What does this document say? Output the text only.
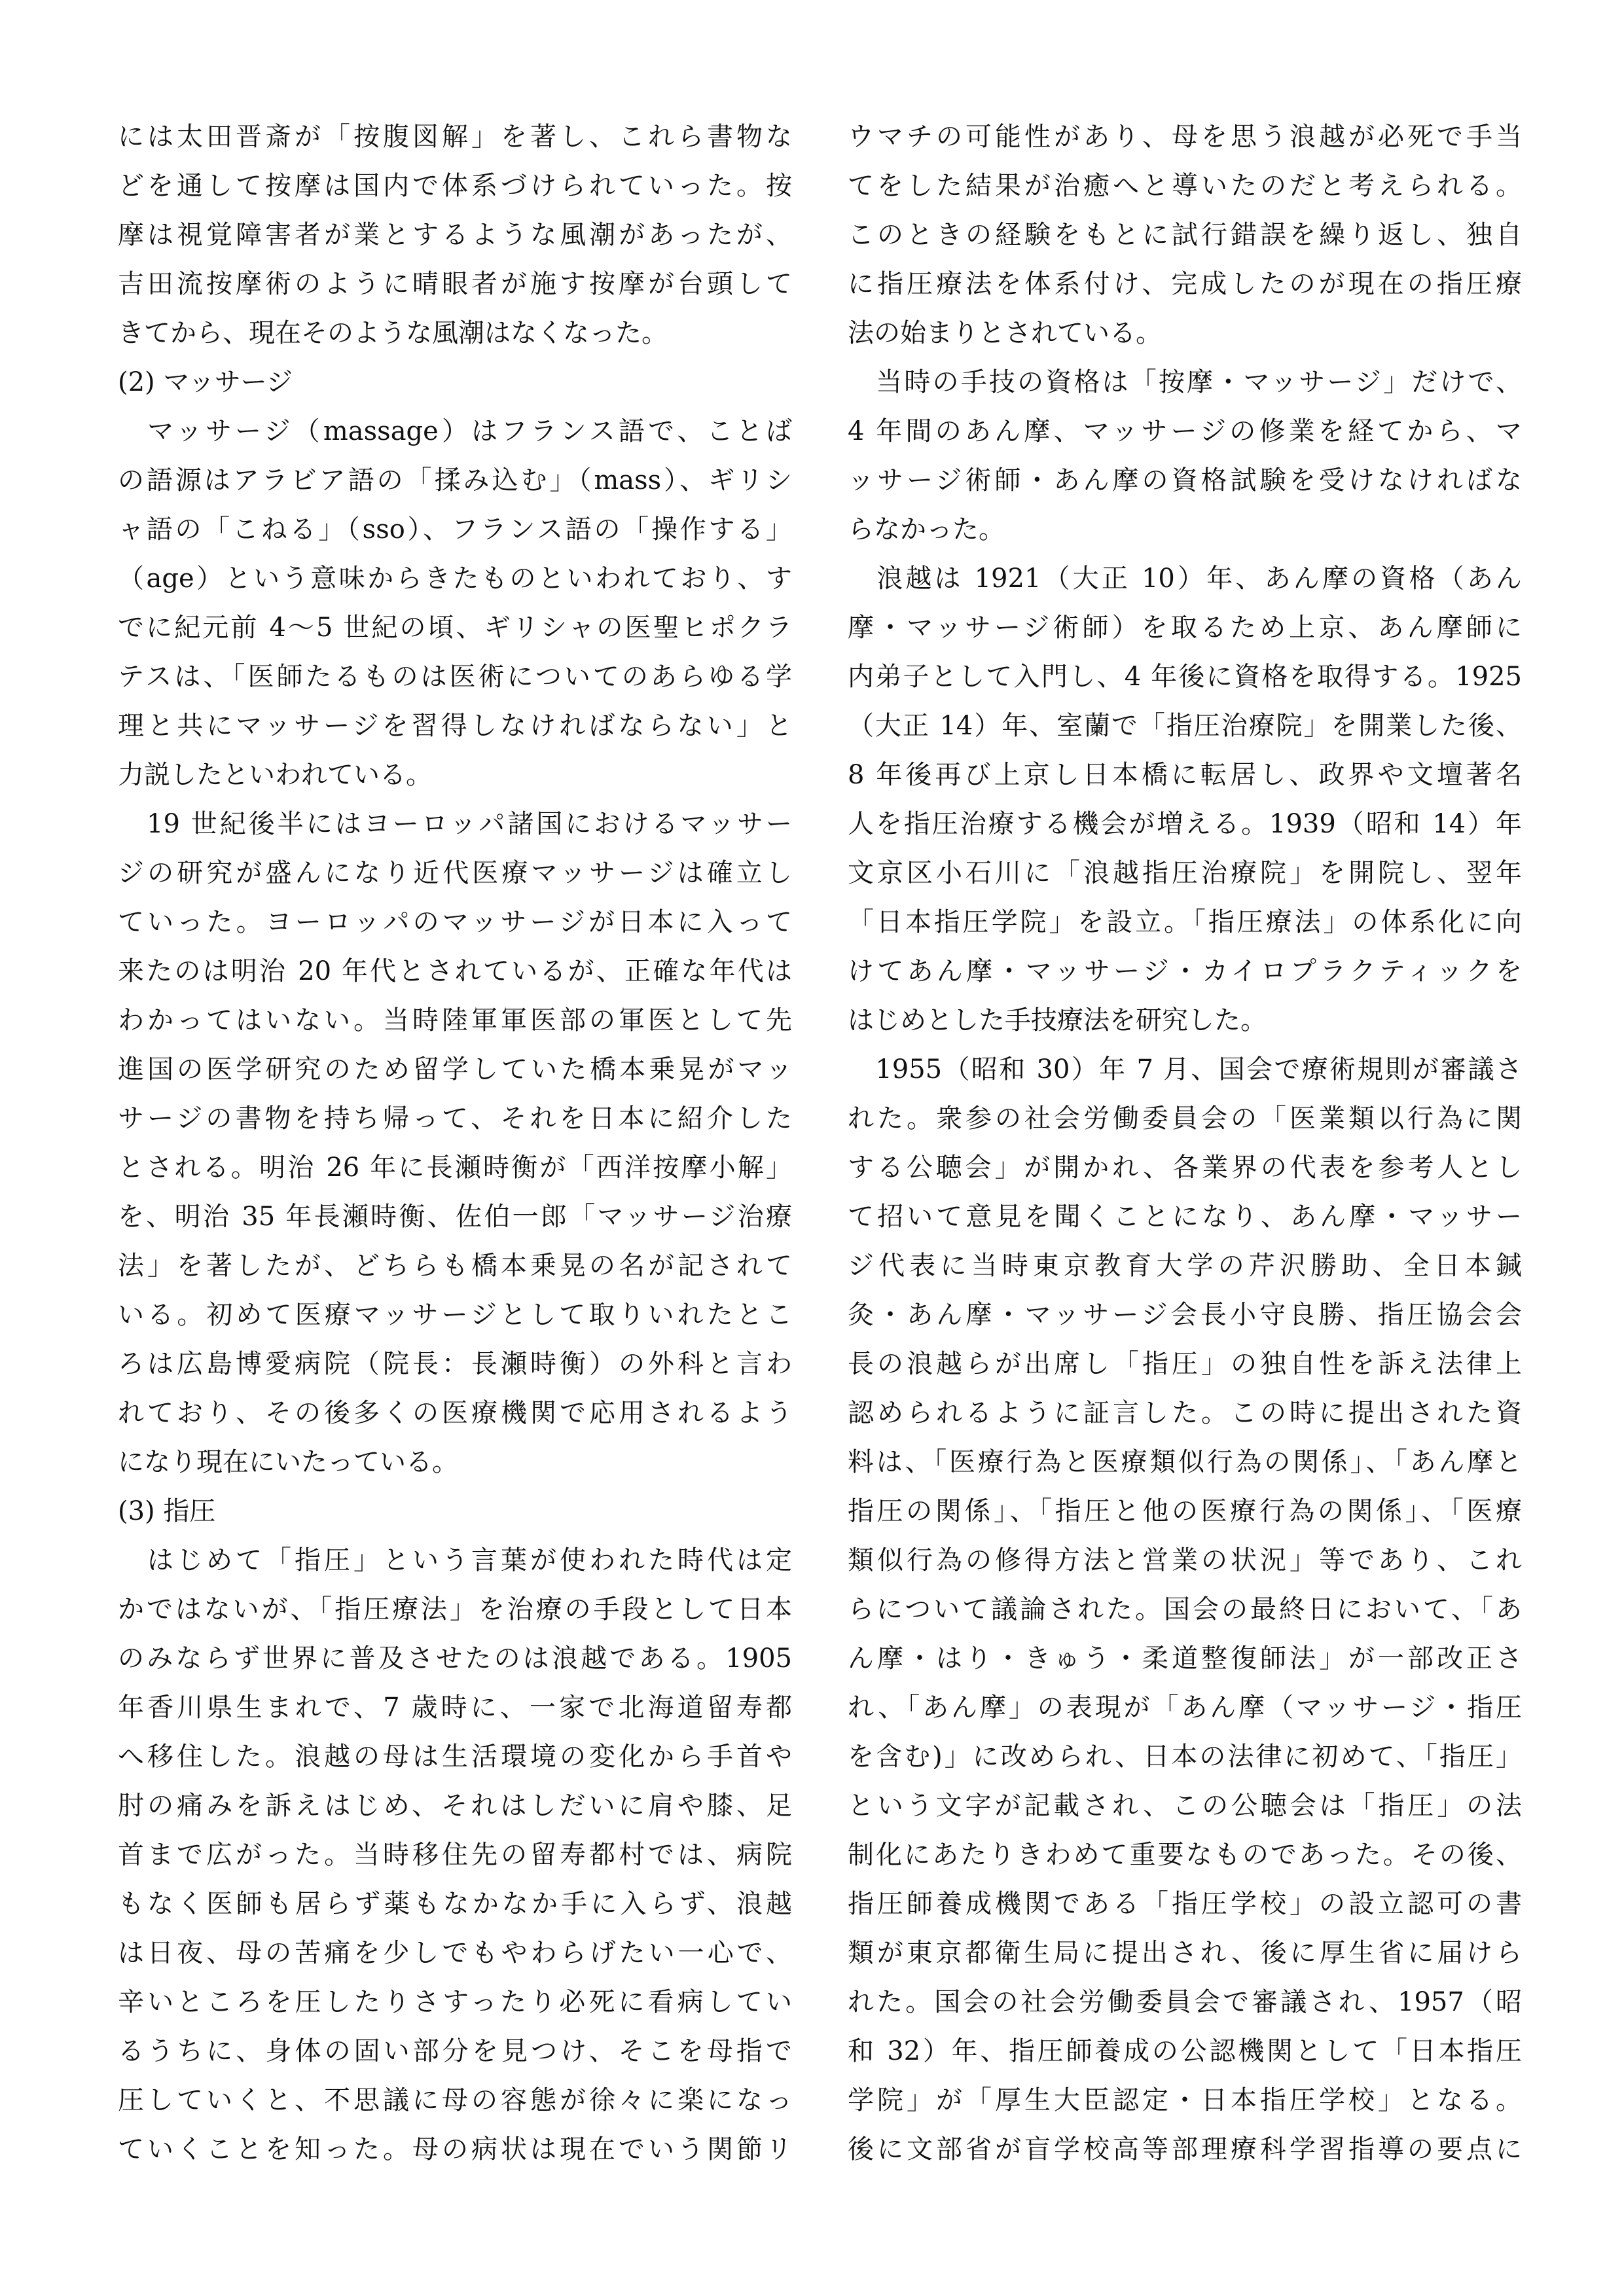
には太田晋斎が「按腹図解」を著し、これら書物な
どを通して按摩は国内で体系づけられていった。按
摩は視覚障害者が業とするような風潮があったが、
吉田流按摩術のように晴眼者が施す按摩が台頭して
きてから、現在そのような風潮はなくなった。
(2) マッサージ
　マッサージ（massage）はフランス語で、ことば
の語源はアラビア語の「揉み込む」（mass）、ギリシ
ャ語の「こねる」（sso）、フランス語の「操作する」
（age）という意味からきたものといわれており、す
でに紀元前 4〜5 世紀の頃、ギリシャの医聖ヒポクラ
テスは、「医師たるものは医術についてのあらゆる学
理と共にマッサージを習得しなければならない」と
力説したといわれている。
　19 世紀後半にはヨーロッパ諸国におけるマッサー
ジの研究が盛んになり近代医療マッサージは確立し
ていった。ヨーロッパのマッサージが日本に入って
来たのは明治 20 年代とされているが、正確な年代は
わかってはいない。当時陸軍軍医部の軍医として先
進国の医学研究のため留学していた橋本乗晃がマッ
サージの書物を持ち帰って、それを日本に紹介した
とされる。明治 26 年に長瀬時衡が「西洋按摩小解」
を、明治 35 年長瀬時衡、佐伯一郎「マッサージ治療
法」を著したが、どちらも橋本乗晃の名が記されて
いる。初めて医療マッサージとして取りいれたとこ
ろは広島博愛病院（院長：長瀬時衡）の外科と言わ
れており、その後多くの医療機関で応用されるよう
になり現在にいたっている。
(3) 指圧
　はじめて「指圧」という言葉が使われた時代は定
かではないが、「指圧療法」を治療の手段として日本
のみならず世界に普及させたのは浪越である。1905
年香川県生まれで、7 歳時に、一家で北海道留寿都
へ移住した。浪越の母は生活環境の変化から手首や
肘の痛みを訴えはじめ、それはしだいに肩や膝、足
首まで広がった。当時移住先の留寿都村では、病院
もなく医師も居らず薬もなかなか手に入らず、浪越
は日夜、母の苦痛を少しでもやわらげたい一心で、
辛いところを圧したりさすったり必死に看病してい
るうちに、身体の固い部分を見つけ、そこを母指で
圧していくと、不思議に母の容態が徐々に楽になっ
ていくことを知った。母の病状は現在でいう関節リ
ウマチの可能性があり、母を思う浪越が必死で手当
てをした結果が治癒へと導いたのだと考えられる。
このときの経験をもとに試行錯誤を繰り返し、独自
に指圧療法を体系付け、完成したのが現在の指圧療
法の始まりとされている。
　当時の手技の資格は「按摩・マッサージ」だけで、
4 年間のあん摩、マッサージの修業を経てから、マ
ッサージ術師・あん摩の資格試験を受けなければな
らなかった。
　浪越は 1921（大正 10）年、あん摩の資格（あん
摩・マッサージ術師）を取るため上京、あん摩師に
内弟子として入門し、4 年後に資格を取得する。1925
（大正 14）年、室蘭で「指圧治療院」を開業した後、
8 年後再び上京し日本橋に転居し、政界や文壇著名
人を指圧治療する機会が増える。1939（昭和 14）年
文京区小石川に「浪越指圧治療院」を開院し、翌年
「日本指圧学院」を設立。「指圧療法」の体系化に向
けてあん摩・マッサージ・カイロプラクティックを
はじめとした手技療法を研究した。
　1955（昭和 30）年 7 月、国会で療術規則が審議さ
れた。衆参の社会労働委員会の「医業類以行為に関
する公聴会」が開かれ、各業界の代表を参考人とし
て招いて意見を聞くことになり、あん摩・マッサー
ジ代表に当時東京教育大学の芹沢勝助、全日本鍼
灸・あん摩・マッサージ会長小守良勝、指圧協会会
長の浪越らが出席し「指圧」の独自性を訴え法律上
認められるように証言した。この時に提出された資
料は、「医療行為と医療類似行為の関係」、「あん摩と
指圧の関係」、「指圧と他の医療行為の関係」、「医療
類似行為の修得方法と営業の状況」等であり、これ
らについて議論された。国会の最終日において、「あ
ん摩・はり・きゅう・柔道整復師法」が一部改正さ
れ、「あん摩」の表現が「あん摩（マッサージ・指圧
を含む)」に改められ、日本の法律に初めて、「指圧」
という文字が記載され、この公聴会は「指圧」の法
制化にあたりきわめて重要なものであった。その後、
指圧師養成機関である「指圧学校」の設立認可の書
類が東京都衛生局に提出され、後に厚生省に届けら
れた。国会の社会労働委員会で審議され、1957（昭
和 32）年、指圧師養成の公認機関として「日本指圧
学院」が「厚生大臣認定・日本指圧学校」となる。
後に文部省が盲学校高等部理療科学習指導の要点に
